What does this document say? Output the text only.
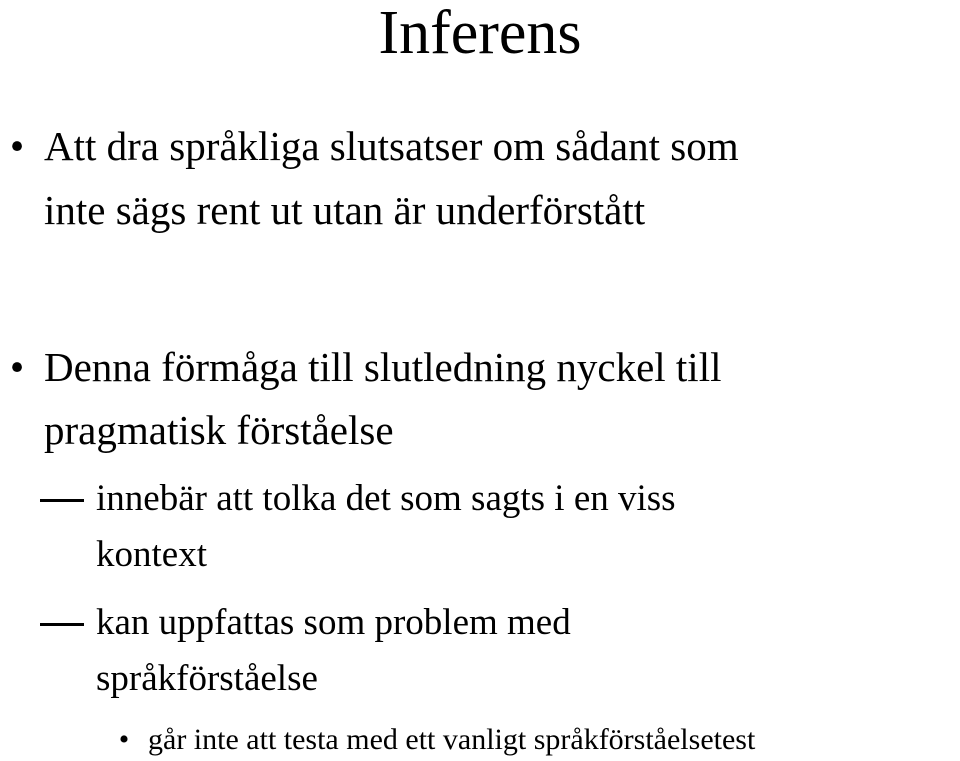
Inferens
• Att dra språkliga slutsatser om sådant som
inte sägs rent ut utan är underförstått
• Denna förmåga till slutledning nyckel till
pragmatisk förståelse
innebär att tolka det som sagts i en viss
kontext
kan uppfattas som problem med
språkförståelse
• går inte att testa med ett vanligt språkförståelsetest
